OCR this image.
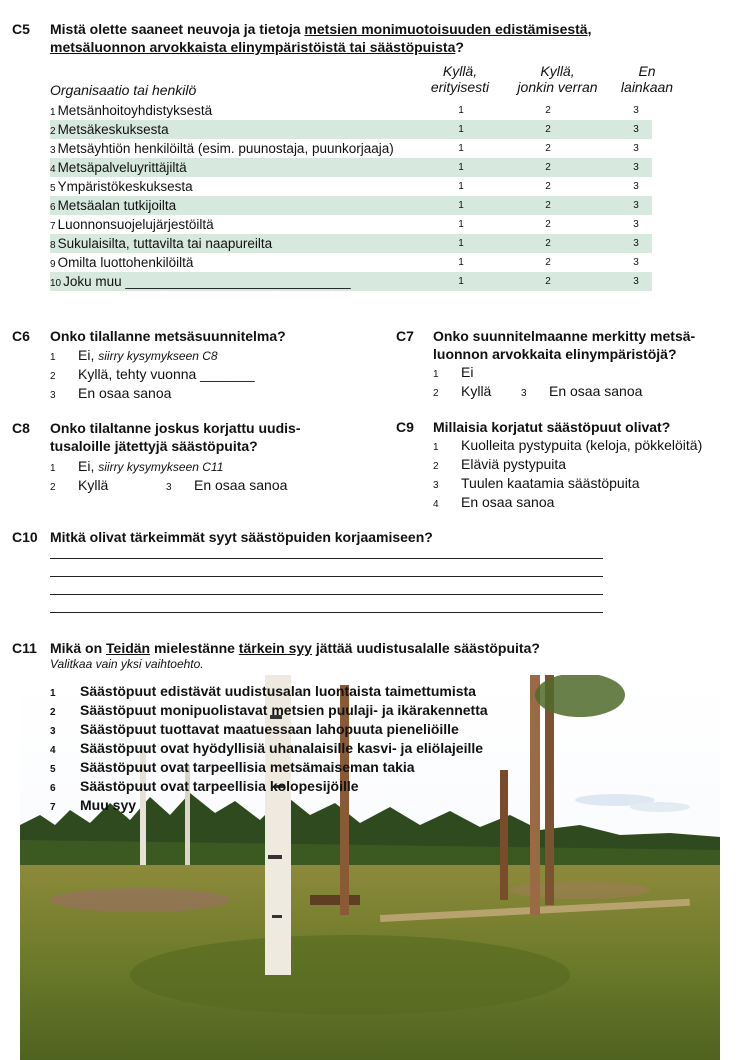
C5 Mistä olette saaneet neuvoja ja tietoja metsien monimuotoisuuden edistämisestä,
metsäluonnon arvokkaista elinympäristöistä tai säästöpuista?
Organisaatio tai henkilö
Kyllä,
erityisesti
Kyllä,
jonkin verran
En
lainkaan
1 Metsänhoitoyhdistyksestä	1	2	3
2 Metsäkeskuksesta	1	2	3
3 Metsäyhtiön henkilöiltä (esim. puunostaja, puunkorjaaja)	1	2	3
4 Metsäpalveluyrittäjiltä	1	2	3
5 Ympäristökeskuksesta	1	2	3
6 Metsäalan tutkijoilta	1	2	3
7 Luonnonsuojelujärjestöiltä	1	2	3
8 Sukulaisilta, tuttavilta tai naapureilta	1	2	3
9 Omilta luottohenkilöiltä	1	2	3
10 Joku muu ______________________________	1	2	3
C6 Onko tilallanne metsäsuunnitelma?
1 Ei, siirry kysymykseen C8
2 Kyllä, tehty vuonna _______
3 En osaa sanoa
C7 Onko suunnitelmaanne merkitty metsä-
luonnon arvokkaita elinympäristöjä?
1 Ei
2 Kyllä	3 En osaa sanoa
C8 Onko tilaltanne joskus korjattu uudis-
tusaloille jätettyjä säästöpuita?
1 Ei, siirry kysymykseen C11
2 Kyllä	3 En osaa sanoa
C9 Millaisia korjatut säästöpuut olivat?
1 Kuolleita pystypuita (keloja, pökkelöitä)
2 Eläviä pystypuita
3 Tuulen kaatamia säästöpuita
4 En osaa sanoa
C10 Mitkä olivat tärkeimmät syyt säästöpuiden korjaamiseen?
C11 Mikä on Teidän mielestänne tärkein syy jättää uudistusalalle säästöpuita?
Valitkaa vain yksi vaihtoehto.
1 Säästöpuut edistävät uudistusalan luontaista taimettumista
2 Säästöpuut monipuolistavat metsien puulaji- ja ikärakennetta
3 Säästöpuut tuottavat maatuessaan lahopuuta pieneliöille
4 Säästöpuut ovat hyödyllisiä uhanalaisille kasvi- ja eliölajeille
5 Säästöpuut ovat tarpeellisia metsämaiseman takia
6 Säästöpuut ovat tarpeellisia kolopesijöille
7 Muu syy
